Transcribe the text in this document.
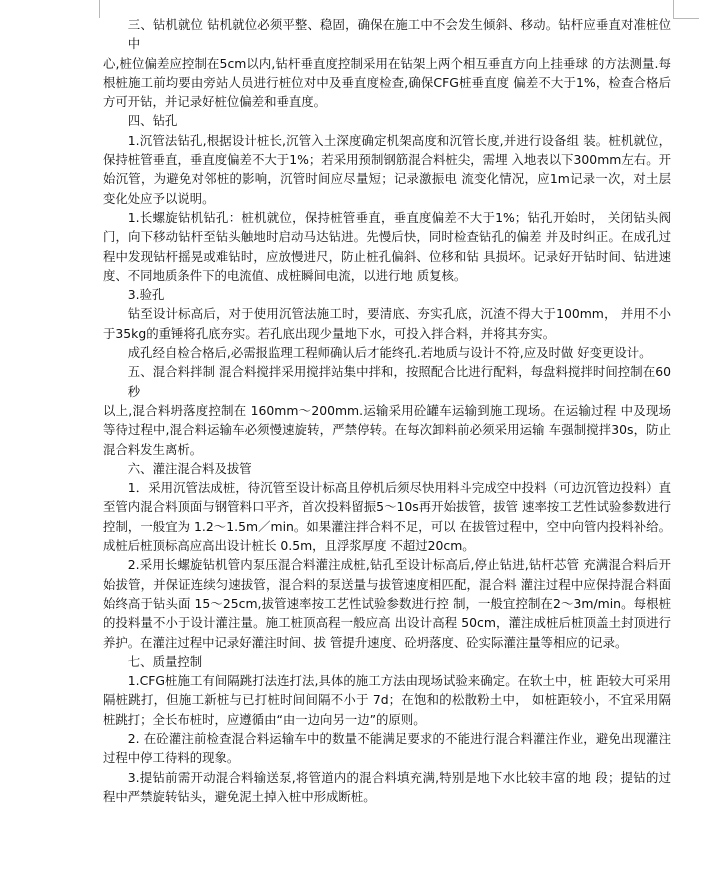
三、钻机就位 钻机就位必须平整、稳固，确保在施工中不会发生倾斜、移动。钻杆应垂直对准桩位中

心,桩位偏差应控制在5cm以内,钻杆垂直度控制采用在钻架上两个相互垂直方向上挂垂球 的方法测量.每根桩施工前均要由旁站人员进行桩位对中及垂直度检查,确保CFG桩垂直度 偏差不大于1%，检查合格后方可开钻，并记录好桩位偏差和垂直度。

四、钻孔

1.沉管法钻孔,根据设计桩长,沉管入土深度确定机架高度和沉管长度,并进行设备组 装。桩机就位，保持桩管垂直，垂直度偏差不大于1%；若采用预制钢筋混合料桩尖，需埋 入地表以下300mm左右。开始沉管，为避免对邻桩的影响，沉管时间应尽量短；记录激振电 流变化情况，应1m记录一次，对土层变化处应予以说明。

1.长螺旋钻机钻孔：桩机就位，保持桩管垂直，垂直度偏差不大于1%；钻孔开始时， 关闭钻头阀门，向下移动钻杆至钻头触地时启动马达钻进。先慢后快，同时检查钻孔的偏差 并及时纠正。在成孔过程中发现钻杆摇晃或难钻时，应放慢进尺，防止桩孔偏斜、位移和钻 具损坏。记录好开钻时间、钻进速度、不同地质条件下的电流值、成桩瞬间电流，以进行地 质复核。

3.验孔

钻至设计标高后，对于使用沉管法施工时，要清底、夯实孔底，沉渣不得大于100mm， 并用不小于35kg的重锤将孔底夯实。若孔底出现少量地下水，可投入拌合料，并将其夯实。

成孔经自检合格后,必需报监理工程师确认后才能终孔.若地质与设计不符,应及时做 好变更设计。

五、混合料拌制 混合料搅拌采用搅拌站集中拌和，按照配合比进行配料，每盘料搅拌时间控制在60秒

以上,混合料坍落度控制在 160mm～200mm.运输采用砼罐车运输到施工现场。在运输过程 中及现场等待过程中,混合料运输车必须慢速旋转，严禁停转。在每次卸料前必须采用运输 车强制搅拌30s，防止混合料发生离析。

六、灌注混合料及拔管

1．采用沉管法成桩，待沉管至设计标高且停机后须尽快用料斗完成空中投料（可边沉管边投料）直至管内混合料顶面与钢管料口平齐，首次投料留振5～10s再开始拔管，拔管 速率按工艺性试验参数进行控制，一般宜为 1.2～1.5m／min。如果灌注拌合料不足，可以 在拔管过程中，空中向管内投料补给。成桩后桩顶标高应高出设计桩长 0.5m，且浮浆厚度 不超过20cm。

2.采用长螺旋钻机管内泵压混合料灌注成桩,钻孔至设计标高后,停止钻进,钻杆芯管 充满混合料后开始拔管，并保证连续匀速拔管，混合料的泵送量与拔管速度相匹配，混合料 灌注过程中应保持混合料面始终高于钻头面 15～25cm,拔管速率按工艺性试验参数进行控 制，一般宜控制在2～3m/min。每根桩的投料量不小于设计灌注量。施工桩顶高程一般应高 出设计高程 50cm，灌注成桩后桩顶盖土封顶进行养护。在灌注过程中记录好灌注时间、拔 管提升速度、砼坍落度、砼实际灌注量等相应的记录。

七、质量控制

1.CFG桩施工有间隔跳打法连打法,具体的施工方法由现场试验来确定。在软土中，桩 距较大可采用隔桩跳打，但施工新桩与已打桩时间间隔不小于 7d；在饱和的松散粉土中， 如桩距较小，不宜采用隔桩跳打；全长布桩时，应遵循由“由一边向另一边”的原则。

2. 在砼灌注前检查混合料运输车中的数量不能满足要求的不能进行混合料灌注作业，避免出现灌注过程中停工待料的现象。

3.提钻前需开动混合料输送泵,将管道内的混合料填充满,特别是地下水比较丰富的地 段；提钻的过程中严禁旋转钻头，避免泥土掉入桩中形成断桩。
